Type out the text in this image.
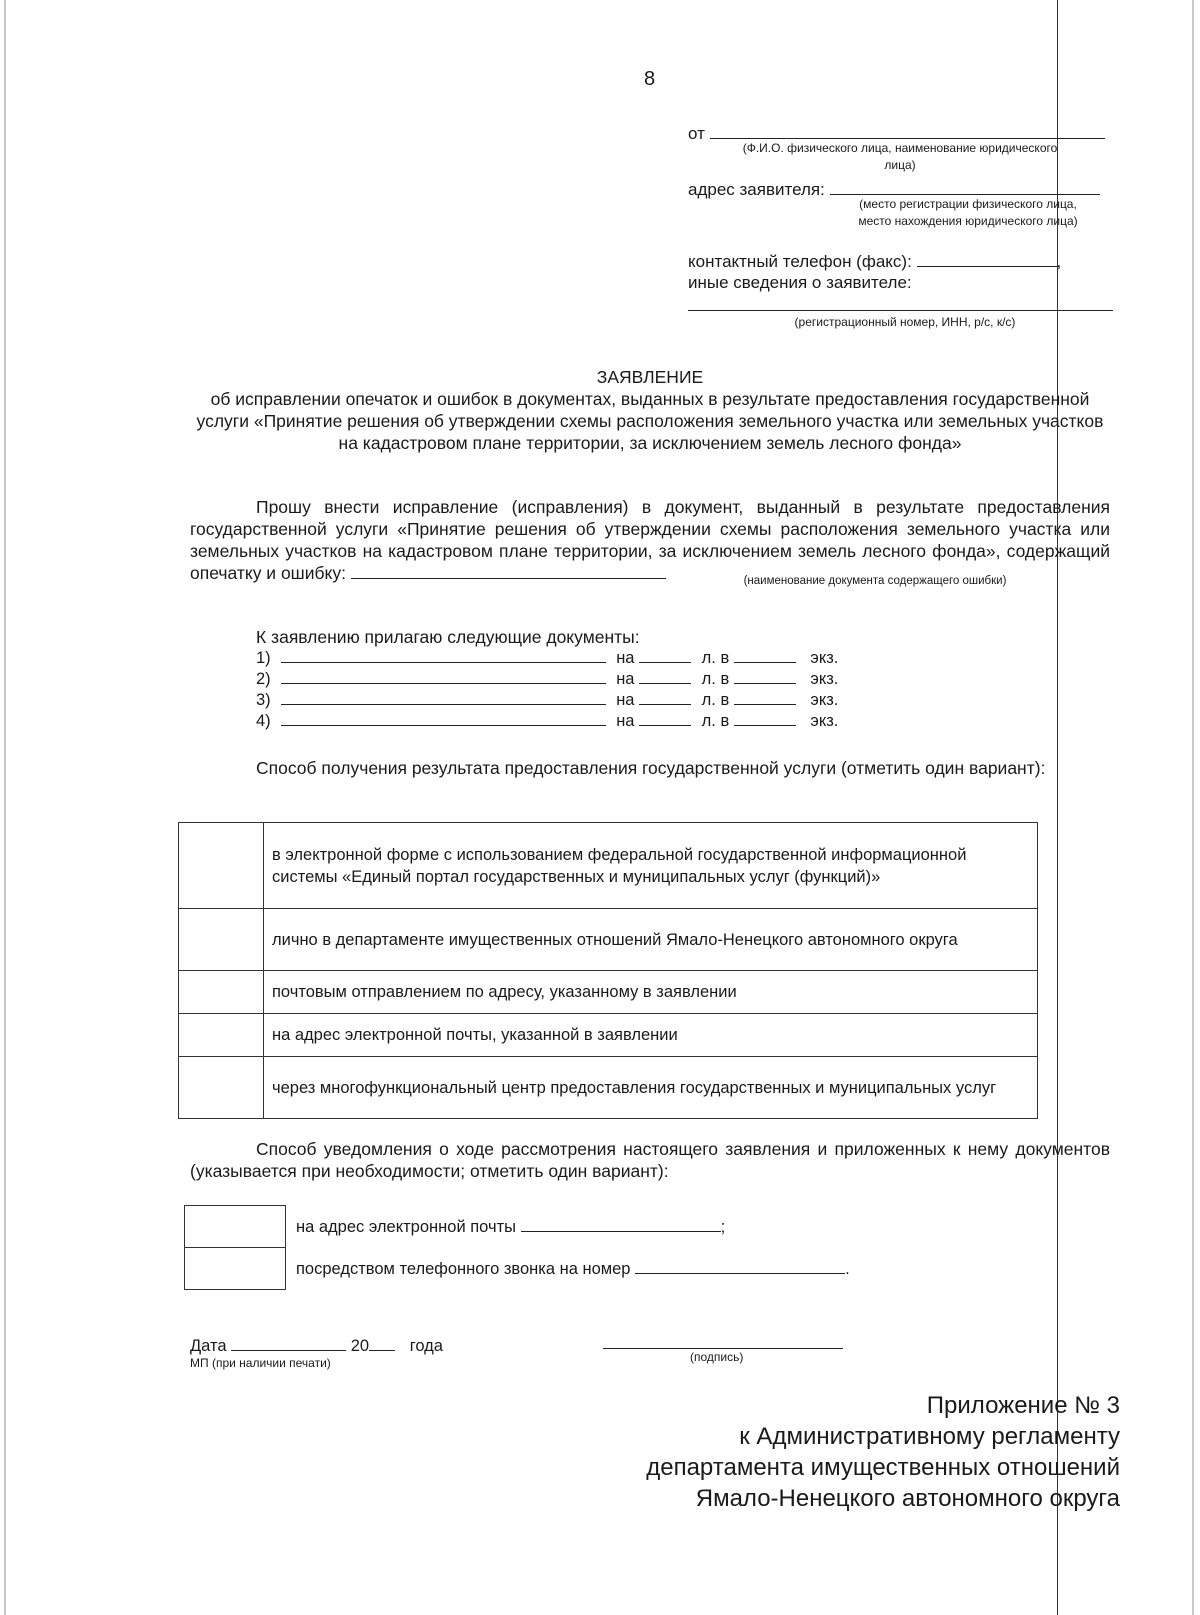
8
от
(Ф.И.О. физического лица, наименование юридического лица)
адрес заявителя:
(место регистрации физического лица, место нахождения юридического лица)
контактный телефон (факс):	,
иные сведения о заявителе:
(регистрационный номер, ИНН, р/с, к/с)
ЗАЯВЛЕНИЕ
об исправлении опечаток и ошибок в документах, выданных в результате предоставления государственной услуги «Принятие решения об утверждении схемы расположения земельного участка или земельных участков на кадастровом плане территории, за исключением земель лесного фонда»
Прошу внести исправление (исправления) в документ, выданный в результате предоставления государственной услуги «Принятие решения об утверждении схемы расположения земельного участка или земельных участков на кадастровом плане территории, за исключением земель лесного фонда», содержащий опечатку и ошибку:	(наименование документа содержащего ошибки)
К заявлению прилагаю следующие документы:
1)	на	л. в	экз.
2)	на	л. в	экз.
3)	на	л. в	экз.
4)	на	л. в	экз.
Способ получения результата предоставления государственной услуги (отметить один вариант):
	в электронной форме с использованием федеральной государственной информационной системы «Единый портал государственных и муниципальных услуг (функций)»
	лично в департаменте имущественных отношений Ямало-Ненецкого автономного округа
	почтовым отправлением по адресу, указанному в заявлении
	на адрес электронной почты, указанной в заявлении
	через многофункциональный центр предоставления государственных и муниципальных услуг
Способ уведомления о ходе рассмотрения настоящего заявления и приложенных к нему документов (указывается при необходимости; отметить один вариант):
	на адрес электронной почты ;
	посредством телефонного звонка на номер .
Дата	20 года
МП (при наличии печати)	(подпись)
Приложение № 3
к Административному регламенту
департамента имущественных отношений
Ямало-Ненецкого автономного округа
